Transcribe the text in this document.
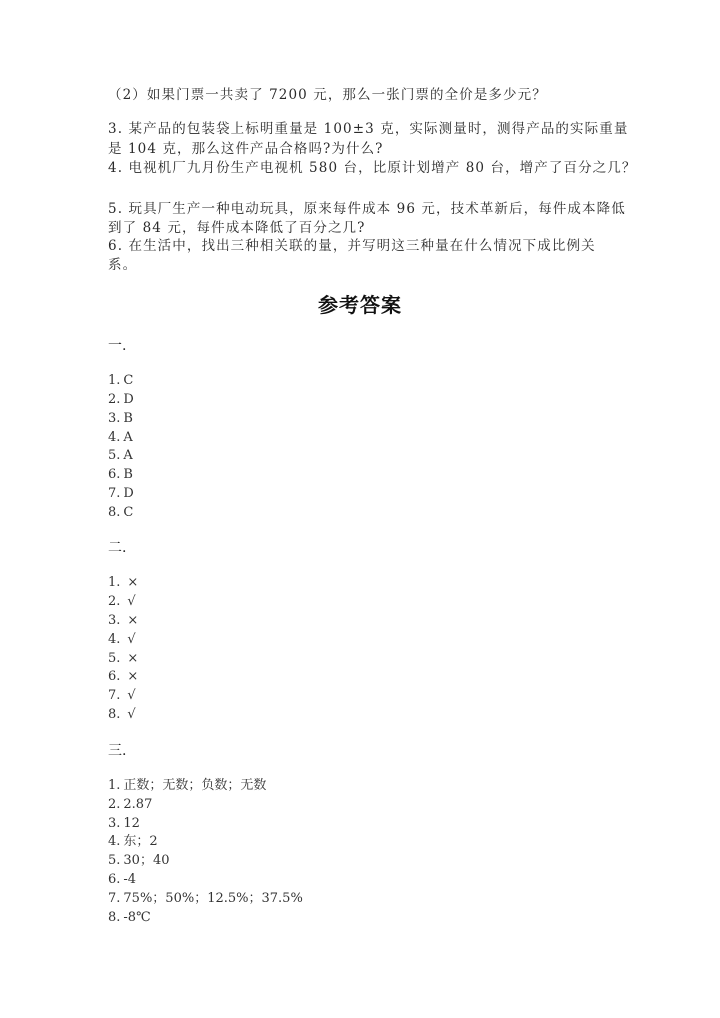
（2）如果门票一共卖了 7200 元，那么一张门票的全价是多少元？
3. 某产品的包装袋上标明重量是 100±3 克，实际测量时，测得产品的实际重量
是 104 克，那么这件产品合格吗?为什么?
4. 电视机厂九月份生产电视机 580 台，比原计划增产 80 台，增产了百分之几？
5. 玩具厂生产一种电动玩具，原来每件成本 96 元，技术革新后，每件成本降低
到了 84 元，每件成本降低了百分之几?
6. 在生活中，找出三种相关联的量，并写明这三种量在什么情况下成比例关
系。
参考答案
一.
1. C
2. D
3. B
4. A
5. A
6. B
7. D
8. C
二.
1. ×
2. √
3. ×
4. √
5. ×
6. ×
7. √
8. √
三.
1. 正数；无数；负数；无数
2. 2.87
3. 12
4. 东；2
5. 30；40
6. -4
7. 75%；50%；12.5%；37.5%
8. -8℃
